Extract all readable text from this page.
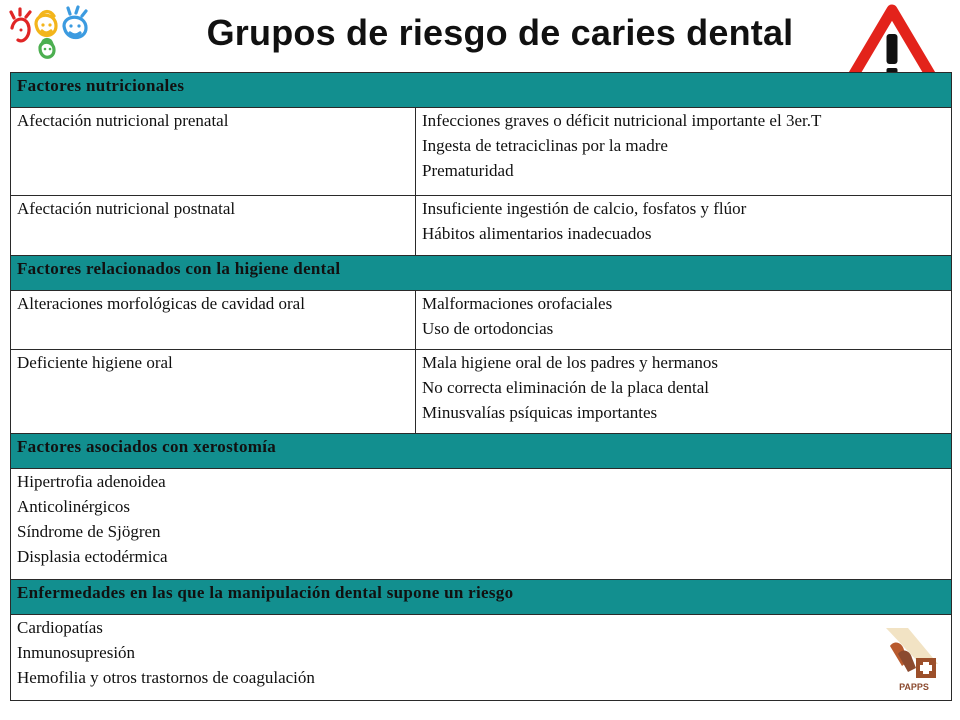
Grupos de riesgo de caries dental
Factores nutricionales	
Afectación nutricional prenatal	Infecciones graves o déficit nutricional importante el 3er.T
Ingesta de tetraciclinas por la madre
Prematuridad

Afectación nutricional postnatal	Insuficiente ingestión de calcio, fosfatos y flúor
Hábitos alimentarios inadecuados

Factores relacionados con la higiene dental	
Alteraciones morfológicas de cavidad oral	Malformaciones orofaciales
Uso de ortodoncias

Deficiente higiene oral	Mala higiene oral de los padres y hermanos
No correcta eliminación de la placa dental
Minusvalías psíquicas importantes

Factores asociados con xerostomía	

Hipertrofia adenoidea
Anticolinérgicos
Síndrome de Sjögren
Displasia ectodérmica	

Enfermedades en las que la manipulación dental supone un riesgo	

Cardiopatías
Inmunosupresión
Hemofilia y otros trastornos de coagulación		PAPPS
